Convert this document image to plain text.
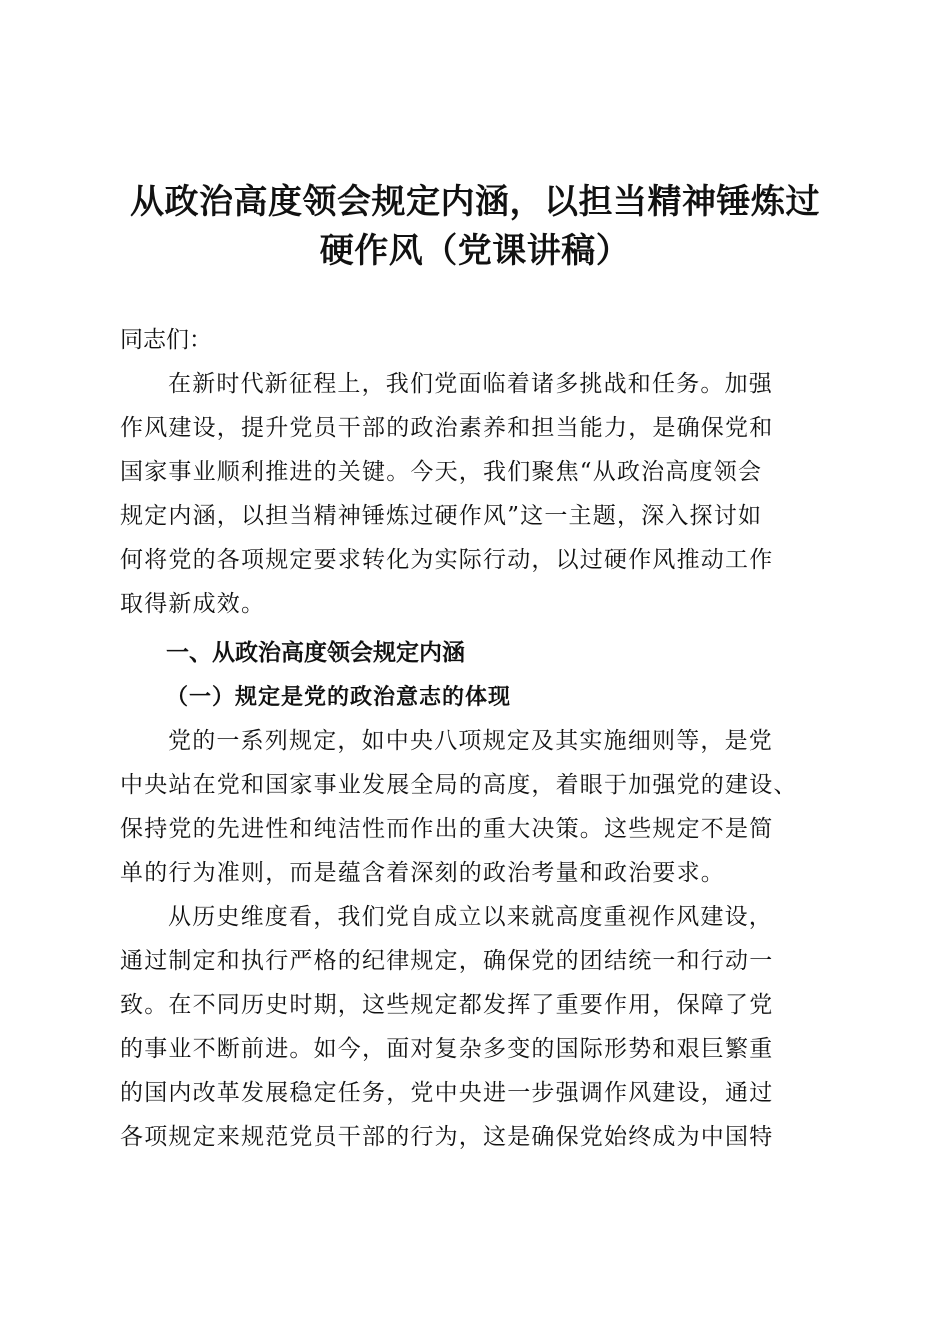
从政治高度领会规定内涵，以担当精神锤炼过
硬作风（党课讲稿）
同志们：
在新时代新征程上，我们党面临着诸多挑战和任务。加强
作风建设，提升党员干部的政治素养和担当能力，是确保党和
国家事业顺利推进的关键。今天，我们聚焦“从政治高度领会
规定内涵，以担当精神锤炼过硬作风”这一主题，深入探讨如
何将党的各项规定要求转化为实际行动，以过硬作风推动工作
取得新成效。
一、从政治高度领会规定内涵
（一）规定是党的政治意志的体现
党的一系列规定，如中央八项规定及其实施细则等，是党
中央站在党和国家事业发展全局的高度，着眼于加强党的建设、
保持党的先进性和纯洁性而作出的重大决策。这些规定不是简
单的行为准则，而是蕴含着深刻的政治考量和政治要求。
从历史维度看，我们党自成立以来就高度重视作风建设，
通过制定和执行严格的纪律规定，确保党的团结统一和行动一
致。在不同历史时期，这些规定都发挥了重要作用，保障了党
的事业不断前进。如今，面对复杂多变的国际形势和艰巨繁重
的国内改革发展稳定任务，党中央进一步强调作风建设，通过
各项规定来规范党员干部的行为，这是确保党始终成为中国特
